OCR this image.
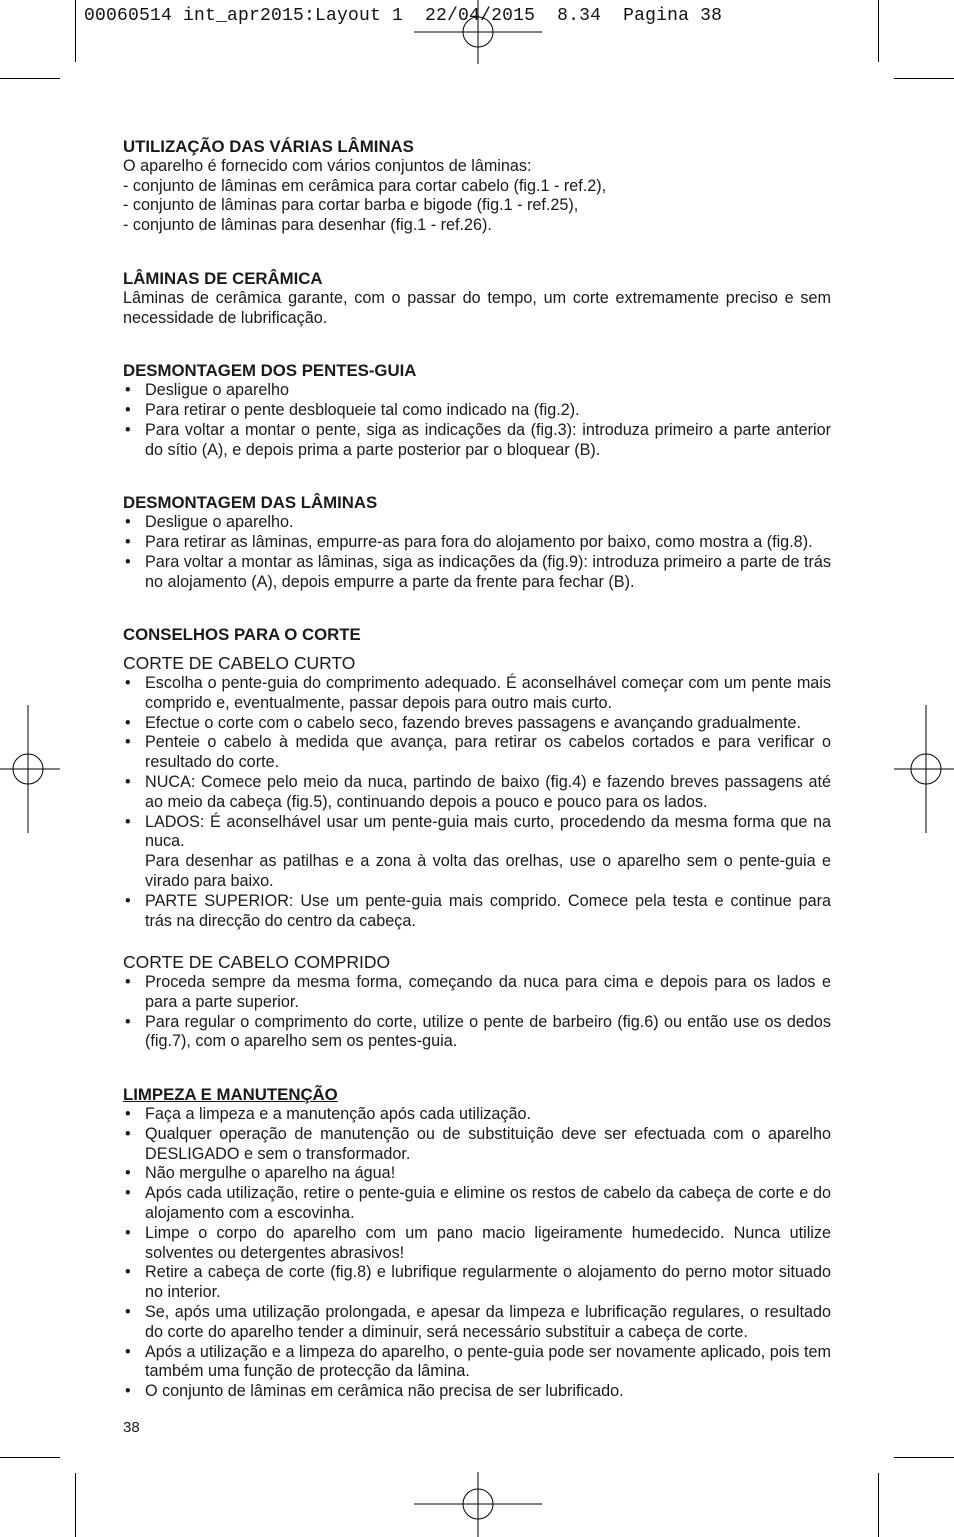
00060514 int_apr2015:Layout 1  22/04/2015  8.34  Pagina 38
UTILIZAÇÃO DAS VÁRIAS LÂMINAS
O aparelho é fornecido com vários conjuntos de lâminas:
- conjunto de lâminas em cerâmica para cortar cabelo (fig.1 - ref.2),
- conjunto de lâminas para cortar barba e bigode (fig.1 - ref.25),
- conjunto de lâminas para desenhar (fig.1 - ref.26).
LÂMINAS DE CERÂMICA
Lâminas de cerâmica garante, com o passar do tempo, um corte extremamente preciso e sem necessidade de lubrificação.
DESMONTAGEM DOS PENTES-GUIA
• Desligue o aparelho
• Para retirar o pente desbloqueie tal como indicado na (fig.2).
• Para voltar a montar o pente, siga as indicações da (fig.3): introduza primeiro a parte anterior do sítio (A), e depois prima a parte posterior par o bloquear (B).
DESMONTAGEM DAS LÂMINAS
• Desligue o aparelho.
• Para retirar as lâminas, empurre-as para fora do alojamento por baixo, como mostra a (fig.8).
• Para voltar a montar as lâminas, siga as indicações da (fig.9): introduza primeiro a parte de trás no alojamento (A), depois empurre a parte da frente para fechar (B).
CONSELHOS PARA O CORTE
CORTE DE CABELO CURTO
• Escolha o pente-guia do comprimento adequado. É aconselhável começar com um pente mais comprido e, eventualmente, passar depois para outro mais curto.
• Efectue o corte com o cabelo seco, fazendo breves passagens e avançando gradualmente.
• Penteie o cabelo à medida que avança, para retirar os cabelos cortados e para verificar o resultado do corte.
• NUCA: Comece pelo meio da nuca, partindo de baixo (fig.4) e fazendo breves passagens até ao meio da cabeça (fig.5), continuando depois a pouco e pouco para os lados.
• LADOS: É aconselhável usar um pente-guia mais curto, procedendo da mesma forma que na nuca.
Para desenhar as patilhas e a zona à volta das orelhas, use o aparelho sem o pente-guia e virado para baixo.
• PARTE SUPERIOR: Use um pente-guia mais comprido. Comece pela testa e continue para trás na direcção do centro da cabeça.
CORTE DE CABELO COMPRIDO
• Proceda sempre da mesma forma, começando da nuca para cima e depois para os lados e para a parte superior.
• Para regular o comprimento do corte, utilize o pente de barbeiro (fig.6) ou então use os dedos (fig.7), com o aparelho sem os pentes-guia.
LIMPEZA E MANUTENÇÃO
• Faça a limpeza e a manutenção após cada utilização.
• Qualquer operação de manutenção ou de substituição deve ser efectuada com o aparelho DESLIGADO e sem o transformador.
• Não mergulhe o aparelho na água!
• Após cada utilização, retire o pente-guia e elimine os restos de cabelo da cabeça de corte e do alojamento com a escovinha.
• Limpe o corpo do aparelho com um pano macio ligeiramente humedecido. Nunca utilize solventes ou detergentes abrasivos!
• Retire a cabeça de corte (fig.8) e lubrifique regularmente o alojamento do perno motor situado no interior.
• Se, após uma utilização prolongada, e apesar da limpeza e lubrificação regulares, o resultado do corte do aparelho tender a diminuir, será necessário substituir a cabeça de corte.
• Após a utilização e a limpeza do aparelho, o pente-guia pode ser novamente aplicado, pois tem também uma função de protecção da lâmina.
• O conjunto de lâminas em cerâmica não precisa de ser lubrificado.
38
